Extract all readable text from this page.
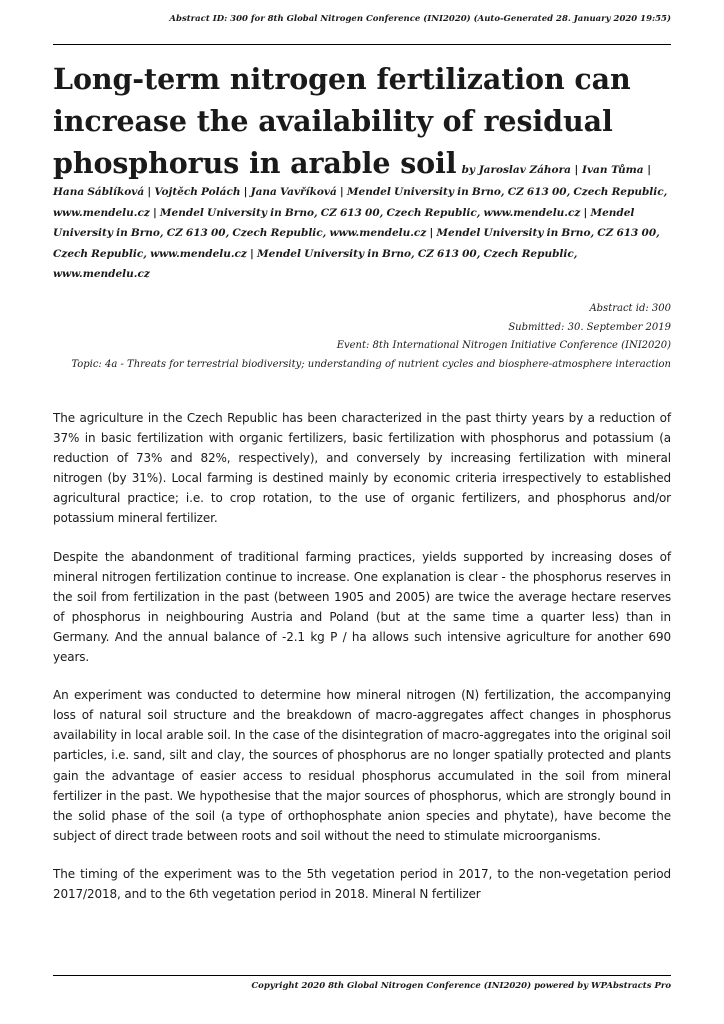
Abstract ID: 300 for 8th Global Nitrogen Conference (INI2020) (Auto-Generated 28. January 2020 19:55)
Long-term nitrogen fertilization can increase the availability of residual phosphorus in arable soil by Jaroslav Záhora | Ivan Tůma |
Hana Sáblíková | Vojtěch Polách | Jana Vavříková | Mendel University in Brno, CZ 613 00, Czech Republic, www.mendelu.cz | Mendel University in Brno, CZ 613 00, Czech Republic, www.mendelu.cz | Mendel University in Brno, CZ 613 00, Czech Republic, www.mendelu.cz | Mendel University in Brno, CZ 613 00, Czech Republic, www.mendelu.cz | Mendel University in Brno, CZ 613 00, Czech Republic, www.mendelu.cz
Abstract id: 300
Submitted: 30. September 2019
Event: 8th International Nitrogen Initiative Conference (INI2020)
Topic: 4a - Threats for terrestrial biodiversity; understanding of nutrient cycles and biosphere-atmosphere interaction

The agriculture in the Czech Republic has been characterized in the past thirty years by a reduction of 37% in basic fertilization with organic fertilizers, basic fertilization with phosphorus and potassium (a reduction of 73% and 82%, respectively), and conversely by increasing fertilization with mineral nitrogen (by 31%). Local farming is destined mainly by economic criteria irrespectively to established agricultural practice; i.e. to crop rotation, to the use of organic fertilizers, and phosphorus and/or potassium mineral fertilizer.

Despite the abandonment of traditional farming practices, yields supported by increasing doses of mineral nitrogen fertilization continue to increase. One explanation is clear - the phosphorus reserves in the soil from fertilization in the past (between 1905 and 2005) are twice the average hectare reserves of phosphorus in neighbouring Austria and Poland (but at the same time a quarter less) than in Germany. And the annual balance of -2.1 kg P / ha allows such intensive agriculture for another 690 years.

An experiment was conducted to determine how mineral nitrogen (N) fertilization, the accompanying loss of natural soil structure and the breakdown of macro-aggregates affect changes in phosphorus availability in local arable soil. In the case of the disintegration of macro-aggregates into the original soil particles, i.e. sand, silt and clay, the sources of phosphorus are no longer spatially protected and plants gain the advantage of easier access to residual phosphorus accumulated in the soil from mineral fertilizer in the past. We hypothesise that the major sources of phosphorus, which are strongly bound in the solid phase of the soil (a type of orthophosphate anion species and phytate), have become the subject of direct trade between roots and soil without the need to stimulate microorganisms.

The timing of the experiment was to the 5th vegetation period in 2017, to the non-vegetation period 2017/2018, and to the 6th vegetation period in 2018. Mineral N fertilizer

Copyright 2020 8th Global Nitrogen Conference (INI2020) powered by WPAbstracts Pro
